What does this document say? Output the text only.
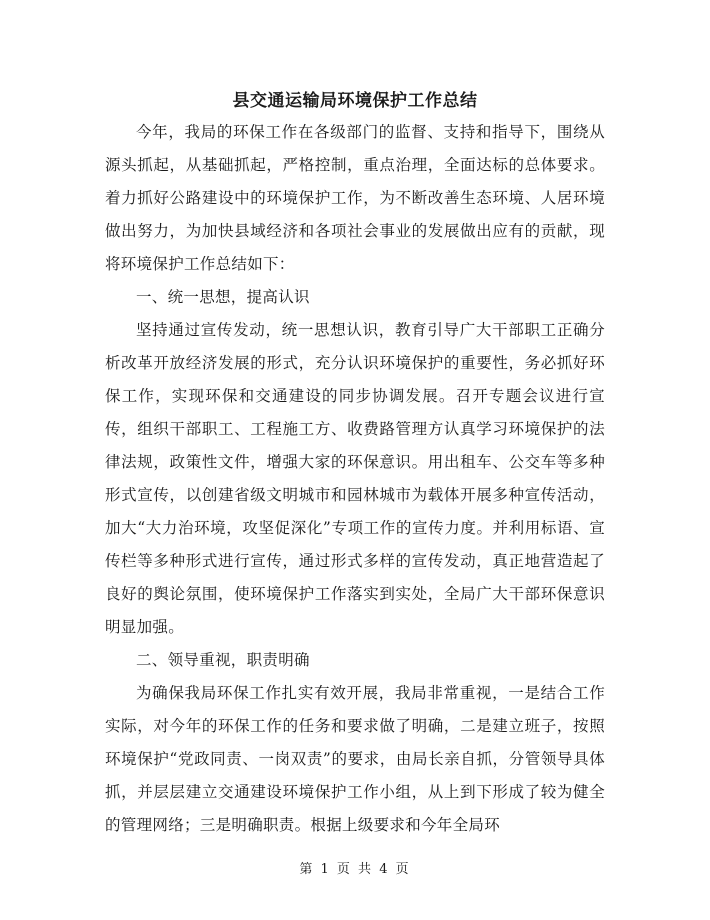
县交通运输局环境保护工作总结

今年，我局的环保工作在各级部门的监督、支持和指导下，围绕从源头抓起，从基础抓起，严格控制，重点治理，全面达标的总体要求。着力抓好公路建设中的环境保护工作，为不断改善生态环境、人居环境做出努力，为加快县域经济和各项社会事业的发展做出应有的贡献，现将环境保护工作总结如下：

一、统一思想，提高认识

坚持通过宣传发动，统一思想认识，教育引导广大干部职工正确分析改革开放经济发展的形式，充分认识环境保护的重要性，务必抓好环保工作，实现环保和交通建设的同步协调发展。召开专题会议进行宣传，组织干部职工、工程施工方、收费路管理方认真学习环境保护的法律法规，政策性文件，增强大家的环保意识。用出租车、公交车等多种形式宣传，以创建省级文明城市和园林城市为载体开展多种宣传活动，加大“大力治环境，攻坚促深化”专项工作的宣传力度。并利用标语、宣传栏等多种形式进行宣传，通过形式多样的宣传发动，真正地营造起了良好的舆论氛围，使环境保护工作落实到实处，全局广大干部环保意识明显加强。

二、领导重视，职责明确

为确保我局环保工作扎实有效开展，我局非常重视，一是结合工作实际，对今年的环保工作的任务和要求做了明确，二是建立班子，按照环境保护“党政同责、一岗双责”的要求，由局长亲自抓，分管领导具体抓，并层层建立交通建设环境保护工作小组，从上到下形成了较为健全的管理网络；三是明确职责。根据上级要求和今年全局环

第 1 页 共 4 页
